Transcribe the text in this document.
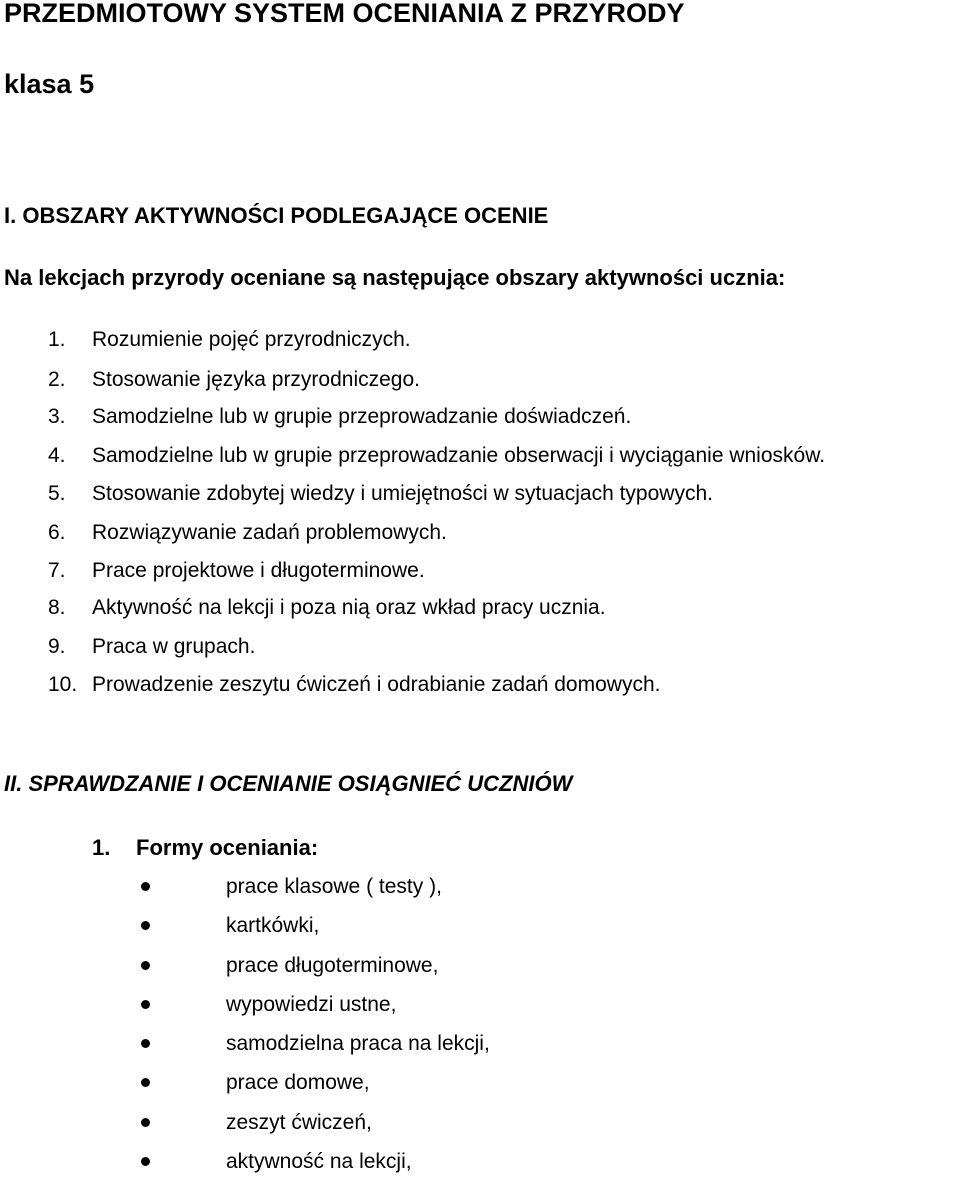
PRZEDMIOTOWY SYSTEM OCENIANIA Z PRZYRODY
klasa 5
I. OBSZARY AKTYWNOŚCI PODLEGAJĄCE OCENIE
Na lekcjach przyrody oceniane są następujące obszary aktywności ucznia:
1. Rozumienie pojęć przyrodniczych.
2. Stosowanie języka przyrodniczego.
3. Samodzielne lub w grupie przeprowadzanie doświadczeń.
4. Samodzielne lub w grupie przeprowadzanie obserwacji i wyciąganie wniosków.
5. Stosowanie zdobytej wiedzy i umiejętności w sytuacjach typowych.
6. Rozwiązywanie zadań problemowych.
7. Prace projektowe i długoterminowe.
8. Aktywność na lekcji i poza nią oraz wkład pracy ucznia.
9. Praca w grupach.
10. Prowadzenie zeszytu ćwiczeń i odrabianie zadań domowych.
II. SPRAWDZANIE I OCENIANIE OSIĄGNIEĆ UCZNIÓW
1. Formy oceniania:
prace klasowe ( testy ),
kartkówki,
prace długoterminowe,
wypowiedzi ustne,
samodzielna praca na lekcji,
prace domowe,
zeszyt ćwiczeń,
aktywność na lekcji,
